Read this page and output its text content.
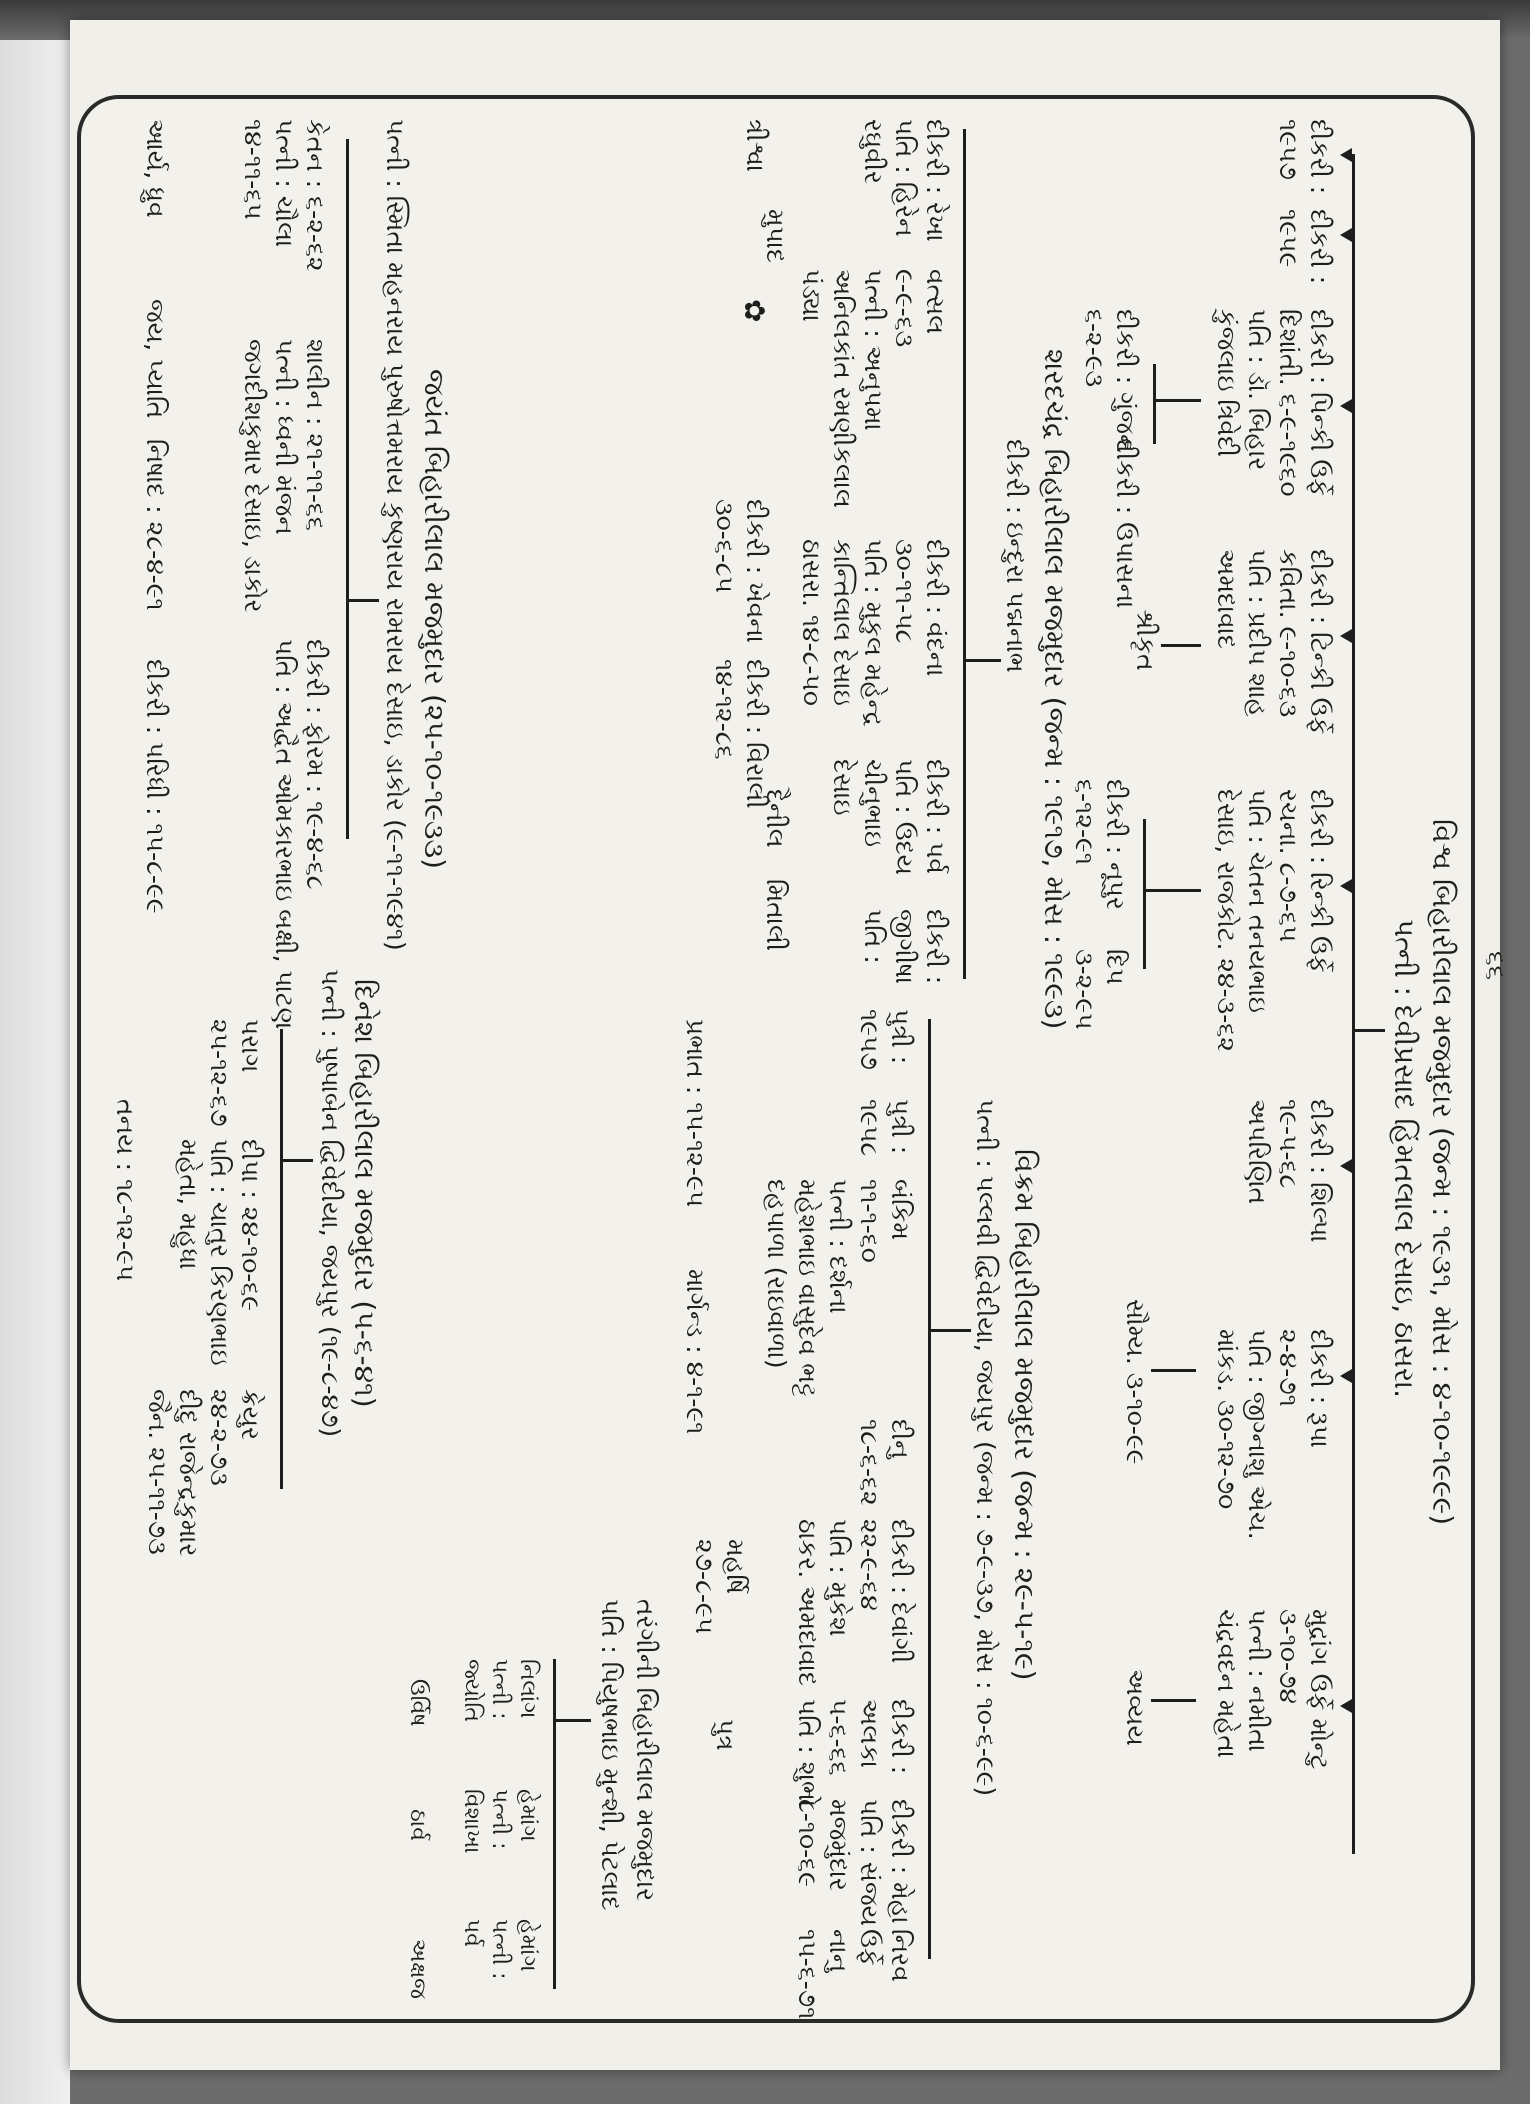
વિશ્વ બિહારીલાલ મજમુદાર (જન્મ : ૧૯૩૧, મોસ : ૪-૧૦-૧૯૯૯)
પત્ની : દેવીપ્રસાદ હિંમતલાલ દેસાઇ, ઠાસરા.
દીકરી :
૧૯૫૭
દીકરી :
૧૯૫૯
દીકરી : પિન્કી ઉર્ફે
દિશાંતી. ૬-૯-૧૯૬૦
પતિ : ડૉ. બિહાર
કુંજલાઇ ત્રિવેદી
દીકરી : ટિન્કી ઉર્ફે
કવિતા. ૯-૧૦-૬૩
પતિ : પ્રદીપ શાહ
અમદાવાદ
દીકરી : રિન્કી ઉર્ફે
રચના. ૮-૭-૬૫
પતિ : ચેતન તનયભાઇ
દેસાઇ, રાજકોટ. ૨૪-૩-૬૨
દીકરી : શિલ્પા
૧૯-૫-૬૮
અપરિણિત
દીકરી : રૂપા
૨-૪-૭૧
પતિ : જીગ્નાશુ એચ.
માંકડ. ૩૦-૧૨-૭૦
મુદ્રાંગ ઉર્ફે મોન્ટુ
૩-૧૦-૭૪
પત્ની : નમીતા
ચંદ્રવદન મહેતા
દીકરી : ગુંજન
૬-૨-૯૩
દીકરી : ઉપાસના
શ્રીકૃત
દીકરી : નૂપુર
૬-૧૨-૯૧
દિપ
૩-૨-૯૫
સૌમ્ય. ૩-૧૦-૯૯
અવ્યય
શરદચંદ્ર બિહારીલાલ મજમુદાર (જન્મ : ૧૯૧૭, મોસ : ૧૯૯૩)
દીકરી : ઇન્દુરા પદ્મનાભ
દીકરી : રેખા
પતિ : હિરેન
રઘુવીર
વત્સલ
૯-૯-૬૩
પત્ની : અનુપમા
અનિલકાંત રમણીકલાલ
પંડ્યા
દીકરી : વંદના
૩૦-૧૧-૫૮
પતિ : મુકુલ મહેન્દ્ર
કાન્તિલાલ દેસાઇ
ઠાસરા. ૧૪-૮-૫૦
દીકરી : પર્વ
પતિ : ઉદય
ચીનુભાઇ
દેસાઇ
દીકરી :
જીગીષા
પતિ :
ત્રીશ્વા
મુપાદ
✿
દીકરી : ખેવના
૩૦-૬-૮૫
દીકરી : વિરાલી
૧૪-૧૨-૮૬
દૈનીલ
મિતાલી
વિક્રમ બિહારીલાલ મજમુદાર (જન્મ : ૨૯-૫-૧૯)
પત્ની : પલ્લવી દ્વિવેદીયા, જયપુર (જન્મ : ૭-૯-૩૭, મોસ : ૧૦-૬-૯૯)
પુત્રી :
૧૯૫૭
પુત્રી :
૧૯૫૮
બંકિમ
૧૧-૧-૬૦
પત્ની : દર્શના
મહેશભાઇ વાસુદેવ ભટ્ટ
દહપાળા (રાઇવાળા)
દીનુ
૧૮-૬-૬૨
દીકરી : દેવાંગી
૨૨-૯-૬૪
પતિ : મુકેશ
ઠાકર. અમદાવાદ
દીકરી :
અલકા
૫-૬-૬૬
પતિ : શુભો
દીકરી : મેહા
પતિ : સંજય
મજમુંદાર
૮-૧૦-૬૯
નિરવ
ઉર્ફે
નાનુ
૧૫-૬-૭૧
પ્રભાત : ૧૫-૧૨-૯૫
માર્ગન્ડ : ૪-૧-૯૧
મહર્ષિ
૨૭-૮-૯૫
પુત્ર
તરંગીની બિહારીલાલ મજમુદાર
પતિ : પિયુષભાઇ મુન્શી, પેટલાદ
નિલાંગ
પત્ની :
જ્યોતિ
હેમાંગ
પત્ની :
વિશાખા
હેમાંગ
પત્ની :
પર્વ
ઉર્વિષ
ઠાર્વ
અક્ષજ
જયંત બિહારીલાલ મજમુદાર (૨૫-૧૦-૧૯૩૩)
પત્ની : સ્મિતા મહનરાય પુરુષોત્તમરાય કુષ્ણરાય રામરાય દેસાઇ, ડાકોર (૯-૧૧-૧૯૪૧)
કેતન : ૬-૨-૬૨
પત્ની : ચૌલા
૧૪-૧૧-૬૫
શાલીન : ૨૧-૧૧-૬૬
પત્ની : ધ્વની મંજન
જગદીશકુમાર દેસાઇ, ડાકોર
દીકરી : ફોરમ : ૧૯-૪-૬૮
પતિ : અદ્વૈત ઓમકારભાઇ બક્ષી, પાટણ
આર્ય, ધ્રુવ
જય, પ્યાતિ
નિષાદ : ૨૮-૪-૯૧
દીકરી : પરિધી : ૧૫-૮-૯૯
દિનેશ બિહારીલાલ મજમુદાર (૫-૬-૪૧)
પત્ની : પુષ્પાબેન દ્વિવેદીયા, જયપુર (૧૯-૮-૪૭)
પરાગ
૨૫-૧૨-૬૭
દીપા : ૨૪-૧૦-૬૯
પતિ : ચાતુર કિરણભાઇ
મહેતા, મહુધા
ક્રેયુર
૨૪-૨-૭૩
દીદુ રાજેન્દ્રકુમાર
જૈન. ૨૫-૧૧-૭૩
તનય : ૧૮-૧૨-૯૫
૬૬
